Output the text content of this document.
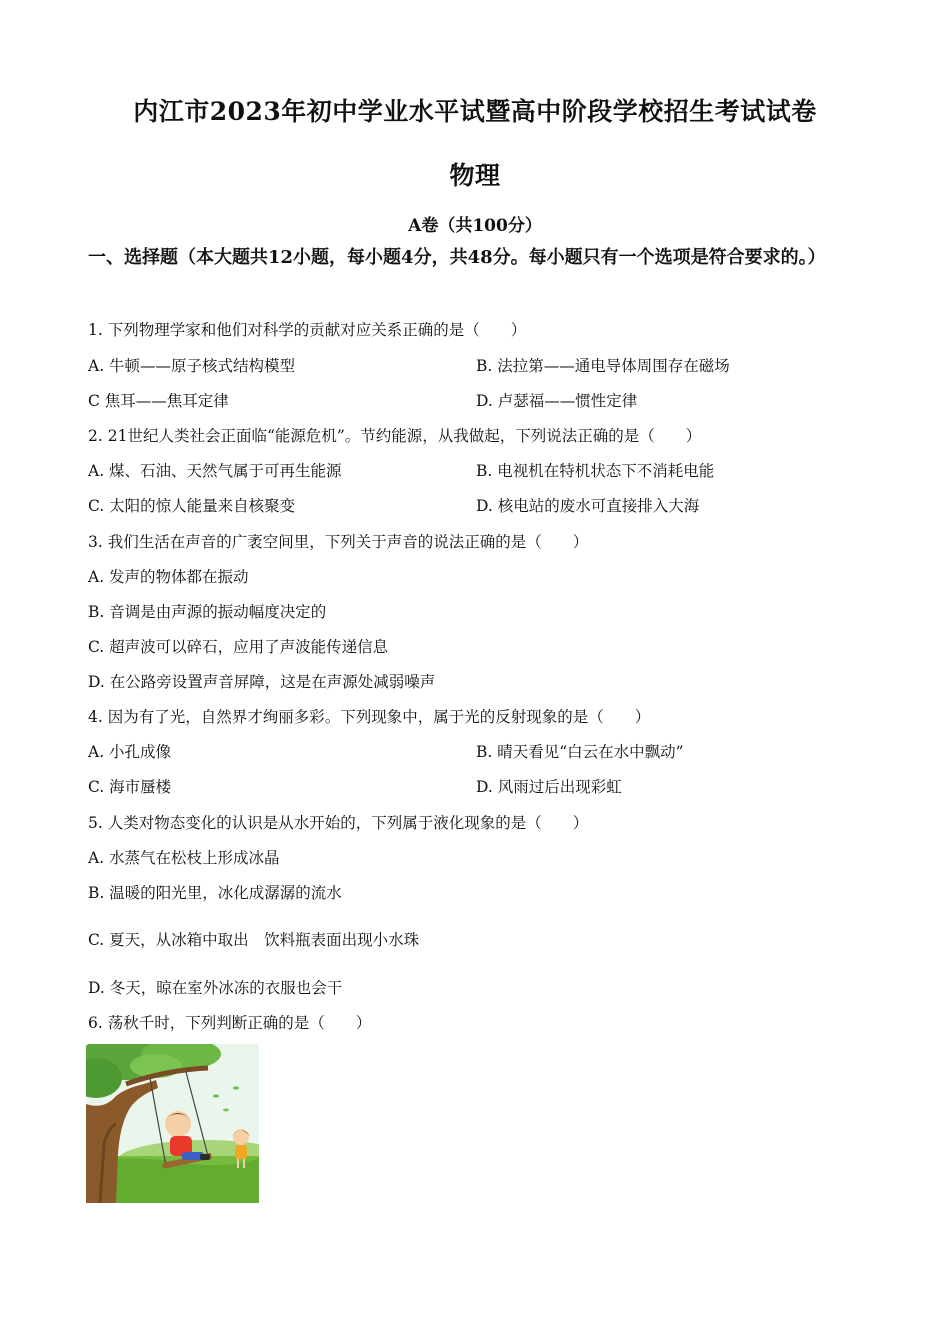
内江市2023年初中学业水平试暨高中阶段学校招生考试试卷
物理
A卷（共100分）
一、选择题（本大题共12小题，每小题4分，共48分。每小题只有一个选项是符合要求的。）
1. 下列物理学家和他们对科学的贡献对应关系正确的是（　　）
A. 牛顿——原子核式结构模型	B. 法拉第——通电导体周围存在磁场
C 焦耳——焦耳定律	D. 卢瑟福——惯性定律
2. 21世纪人类社会正面临“能源危机”。节约能源，从我做起，下列说法正确的是（　　）
A. 煤、石油、天然气属于可再生能源	B. 电视机在特机状态下不消耗电能
C. 太阳的惊人能量来自核聚变	D. 核电站的废水可直接排入大海
3. 我们生活在声音的广袤空间里，下列关于声音的说法正确的是（　　）
A. 发声的物体都在振动
B. 音调是由声源的振动幅度决定的
C. 超声波可以碎石，应用了声波能传递信息
D. 在公路旁设置声音屏障，这是在声源处减弱噪声
4. 因为有了光，自然界才绚丽多彩。下列现象中，属于光的反射现象的是（　　）
A. 小孔成像	B. 晴天看见“白云在水中飘动”
C. 海市蜃楼	D. 风雨过后出现彩虹
5. 人类对物态变化的认识是从水开始的，下列属于液化现象的是（　　）
A. 水蒸气在松枝上形成冰晶
B. 温暖的阳光里，冰化成潺潺的流水
C. 夏天，从冰箱中取出　饮料瓶表面出现小水珠
D. 冬天，晾在室外冰冻的衣服也会干
6. 荡秋千时，下列判断正确的是（　　）
